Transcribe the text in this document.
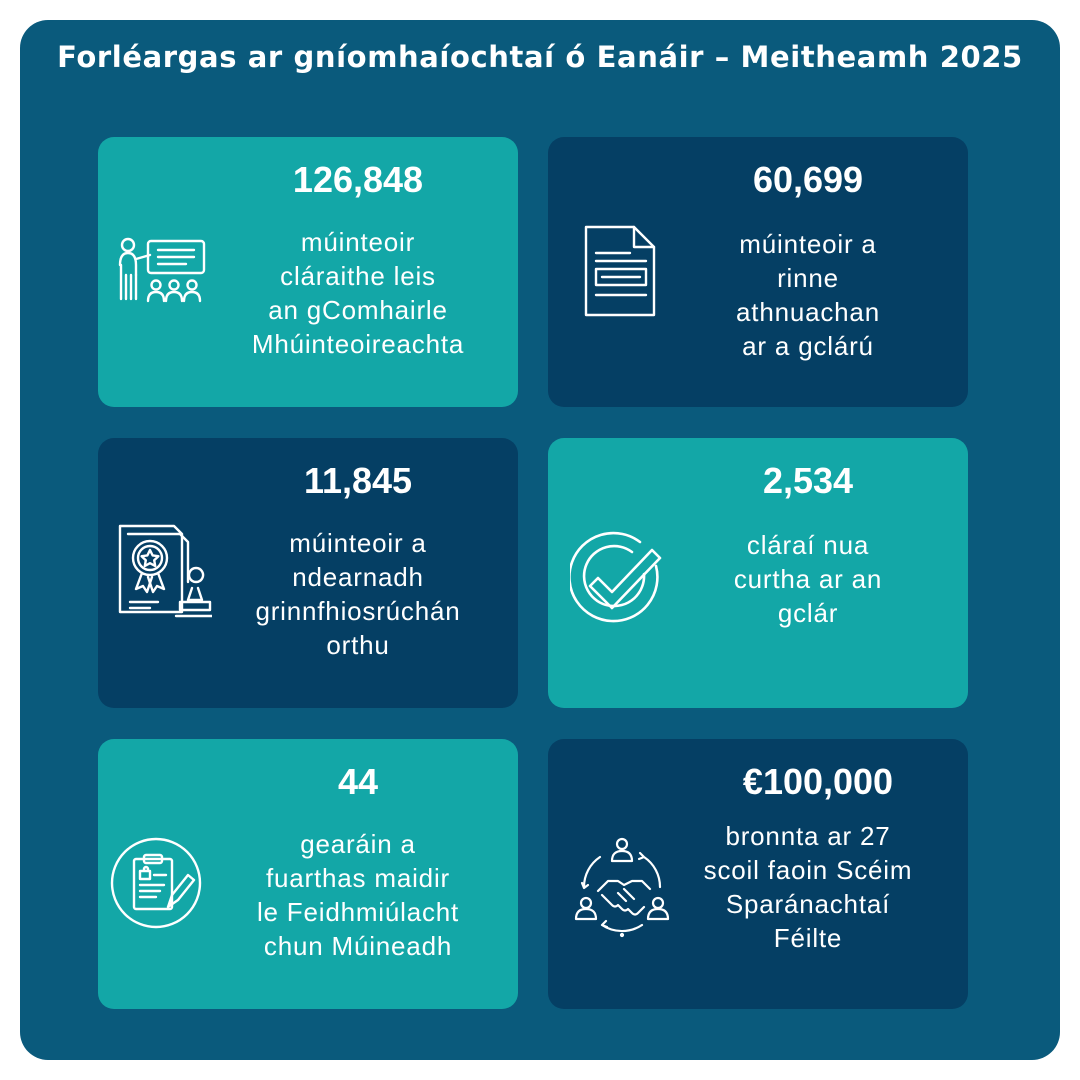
Forléargas ar gníomhaíochtaí ó Eanáir – Meitheamh 2025
126,848
múinteoir
cláraithe leis
an gComhairle
Mhúinteoireachta
60,699
múinteoir a
rinne
athnuachan
ar a gclárú
11,845
múinteoir a
ndearnadh
grinnfhiosrúchán
orthu
2,534
cláraí nua
curtha ar an
gclár
44
gearáin a
fuarthas maidir
le Feidhmiúlacht
chun Múineadh
€100,000
bronnta ar 27
scoil faoin Scéim
Sparánachtaí
Féilte
